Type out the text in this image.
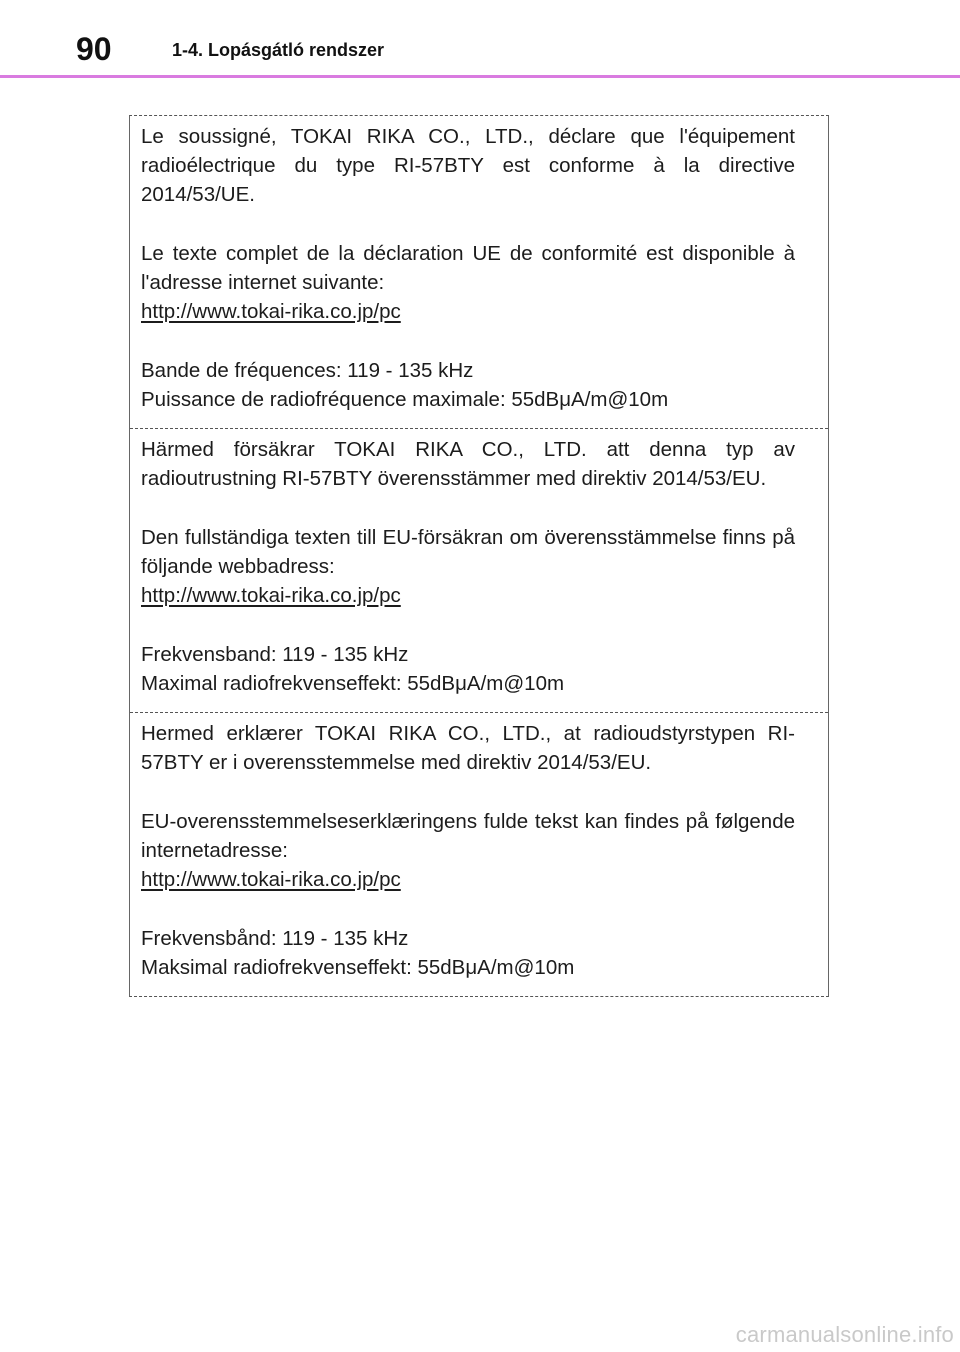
90	1-4. Lopásgátló rendszer

Le soussigné, TOKAI RIKA CO., LTD., déclare que l'équipement radioélectrique du type RI-57BTY est conforme à la directive 2014/53/UE.

Le texte complet de la déclaration UE de conformité est disponible à l'adresse internet suivante:
http://www.tokai-rika.co.jp/pc

Bande de fréquences: 119 - 135 kHz
Puissance de radiofréquence maximale: 55dBμA/m@10m

Härmed försäkrar TOKAI RIKA CO., LTD. att denna typ av radioutrustning RI-57BTY överensstämmer med direktiv 2014/53/EU.

Den fullständiga texten till EU-försäkran om överensstämmelse finns på följande webbadress:
http://www.tokai-rika.co.jp/pc

Frekvensband: 119 - 135 kHz
Maximal radiofrekvenseffekt: 55dBμA/m@10m

Hermed erklærer TOKAI RIKA CO., LTD., at radioudstyrstypen RI-57BTY er i overensstemmelse med direktiv 2014/53/EU.

EU-overensstemmelseserklæringens fulde tekst kan findes på følgende internetadresse:
http://www.tokai-rika.co.jp/pc

Frekvensbånd: 119 - 135 kHz
Maksimal radiofrekvenseffekt: 55dBμA/m@10m

carmanualsonline.info
